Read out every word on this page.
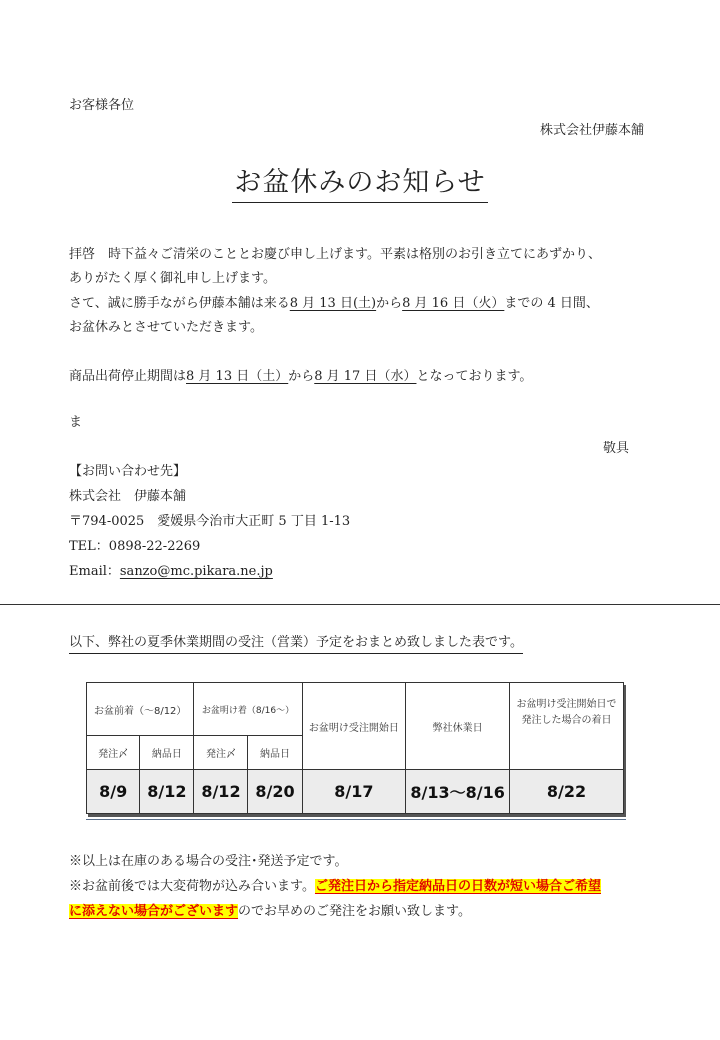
お客様各位
株式会社伊藤本舗
お盆休みのお知らせ
拝啓　時下益々ご清栄のこととお慶び申し上げます。平素は格別のお引き立てにあずかり、
ありがたく厚く御礼申し上げます。
さて、誠に勝手ながら伊藤本舗は来る8 月 13 日(土)から8 月 16 日（火）までの 4 日間、
お盆休みとさせていただきます。
商品出荷停止期間は8 月 13 日（土）から8 月 17 日（水）となっております。
ま
敬具
【お問い合わせ先】
株式会社　伊藤本舗
〒794-0025　愛媛県今治市大正町 5 丁目 1-13
TEL：0898-22-2269
Email：sanzo@mc.pikara.ne.jp
以下、弊社の夏季休業期間の受注（営業）予定をおまとめ致しました表です。
お盆前着（～8/12）		お盆明け着（8/16～）		お盆明け受注開始日	弊社休業日	お盆明け受注開始日で発注した場合の着日
発注〆	納品日	発注〆	納品日			
8/9	8/12	8/12	8/20	8/17	8/13～8/16	8/22
※以上は在庫のある場合の受注･発送予定です。
※お盆前後では大変荷物が込み合います。ご発注日から指定納品日の日数が短い場合ご希望
に添えない場合がございますのでお早めのご発注をお願い致します。
